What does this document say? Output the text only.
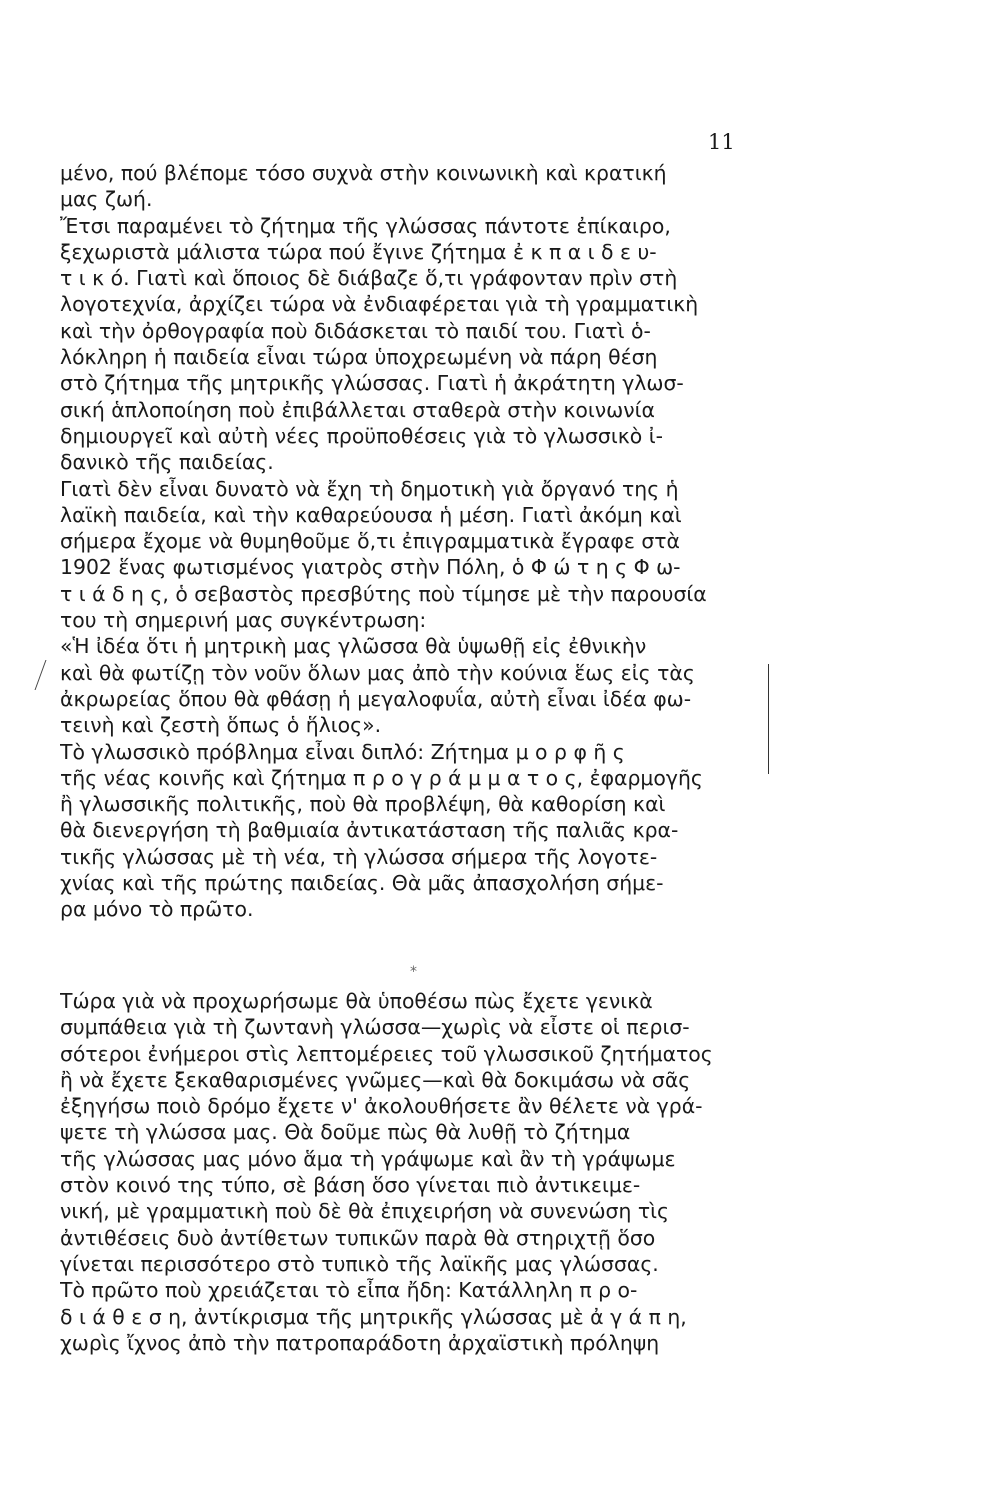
11
μένο, πού βλέπομε τόσο συχνὰ στὴν κοινωνικὴ καὶ κρατική
μας ζωή.
Ἔτσι παραμένει τὸ ζήτημα τῆς γλώσσας πάντοτε ἐπίκαιρο,
ξεχωριστὰ μάλιστα τώρα πού ἔγινε ζήτημα ἐ κ π α ι δ ε υ-
τ ι κ ό. Γιατὶ καὶ ὅποιος δὲ διάβαζε ὅ,τι γράφονταν πρὶν στὴ
λογοτεχνία, ἀρχίζει τώρα νὰ ἐνδιαφέρεται γιὰ τὴ γραμματικὴ
καὶ τὴν ὀρθογραφία ποὺ διδάσκεται τὸ παιδί του. Γιατὶ ὁ-
λόκληρη ἡ παιδεία εἶναι τώρα ὑποχρεωμένη νὰ πάρη θέση
στὸ ζήτημα τῆς μητρικῆς γλώσσας. Γιατὶ ἡ ἀκράτητη γλωσ-
σική ἁπλοποίηση ποὺ ἐπιβάλλεται σταθερὰ στὴν κοινωνία
δημιουργεῖ καὶ αὐτὴ νέες προϋποθέσεις γιὰ τὸ γλωσσικὸ ἰ-
δανικὸ τῆς παιδείας.
Γιατὶ δὲν εἶναι δυνατὸ νὰ ἔχη τὴ δημοτικὴ γιὰ ὄργανό της ἡ
λαϊκὴ παιδεία, καὶ τὴν καθαρεύουσα ἡ μέση. Γιατὶ ἀκόμη καὶ
σήμερα ἔχομε νὰ θυμηθοῦμε ὅ,τι ἐπιγραμματικὰ ἔγραφε στὰ
1902 ἕνας φωτισμένος γιατρὸς στὴν Πόλη, ὁ Φ ώ τ η ς Φ ω-
τ ι ά δ η ς, ὁ σεβαστὸς πρεσβύτης ποὺ τίμησε μὲ τὴν παρουσία
του τὴ σημερινή μας συγκέντρωση:
«Ἡ ἰδέα ὅτι ἡ μητρικὴ μας γλῶσσα θὰ ὑψωθῇ εἰς ἐθνικὴν
καὶ θὰ φωτίζῃ τὸν νοῦν ὅλων μας ἀπὸ τὴν κούνια ἕως εἰς τὰς
ἀκρωρείας ὅπου θὰ φθάσῃ ἡ μεγαλοφυΐα, αὐτὴ εἶναι ἰδέα φω-
τεινὴ καὶ ζεστὴ ὅπως ὁ ἥλιος».
Τὸ γλωσσικὸ πρόβλημα εἶναι διπλό: Ζήτημα μ ο ρ φ ῆ ς
τῆς νέας κοινῆς καὶ ζήτημα π ρ ο γ ρ ά μ μ α τ ο ς, ἐφαρμογῆς
ἢ γλωσσικῆς πολιτικῆς, ποὺ θὰ προβλέψη, θὰ καθορίση καὶ
θὰ διενεργήση τὴ βαθμιαία ἀντικατάσταση τῆς παλιᾶς κρα-
τικῆς γλώσσας μὲ τὴ νέα, τὴ γλώσσα σήμερα τῆς λογοτε-
χνίας καὶ τῆς πρώτης παιδείας. Θὰ μᾶς ἀπασχολήση σήμε-
ρα μόνο τὸ πρῶτο.
*
Τώρα γιὰ νὰ προχωρήσωμε θὰ ὑποθέσω πὼς ἔχετε γενικὰ
συμπάθεια γιὰ τὴ ζωντανὴ γλώσσα—χωρὶς νὰ εἶστε οἱ περισ-
σότεροι ἐνήμεροι στὶς λεπτομέρειες τοῦ γλωσσικοῦ ζητήματος
ἢ νὰ ἔχετε ξεκαθαρισμένες γνῶμες—καὶ θὰ δοκιμάσω νὰ σᾶς
ἐξηγήσω ποιὸ δρόμο ἔχετε ν' ἀκολουθήσετε ἂν θέλετε νὰ γρά-
ψετε τὴ γλώσσα μας. Θὰ δοῦμε πὼς θὰ λυθῇ τὸ ζήτημα
τῆς γλώσσας μας μόνο ἅμα τὴ γράψωμε καὶ ἂν τὴ γράψωμε
στὸν κοινό της τύπο, σὲ βάση ὅσο γίνεται πιὸ ἀντικειμε-
νική, μὲ γραμματικὴ ποὺ δὲ θὰ ἐπιχειρήση νὰ συνενώση τὶς
ἀντιθέσεις δυὸ ἀντίθετων τυπικῶν παρὰ θὰ στηριχτῇ ὅσο
γίνεται περισσότερο στὸ τυπικὸ τῆς λαϊκῆς μας γλώσσας.
Τὸ πρῶτο ποὺ χρειάζεται τὸ εἶπα ἤδη: Κατάλληλη π ρ ο-
δ ι ά θ ε σ η, ἀντίκρισμα τῆς μητρικῆς γλώσσας μὲ ἀ γ ά π η,
χωρὶς ἴχνος ἀπὸ τὴν πατροπαράδοτη ἀρχαϊστικὴ πρόληψη
